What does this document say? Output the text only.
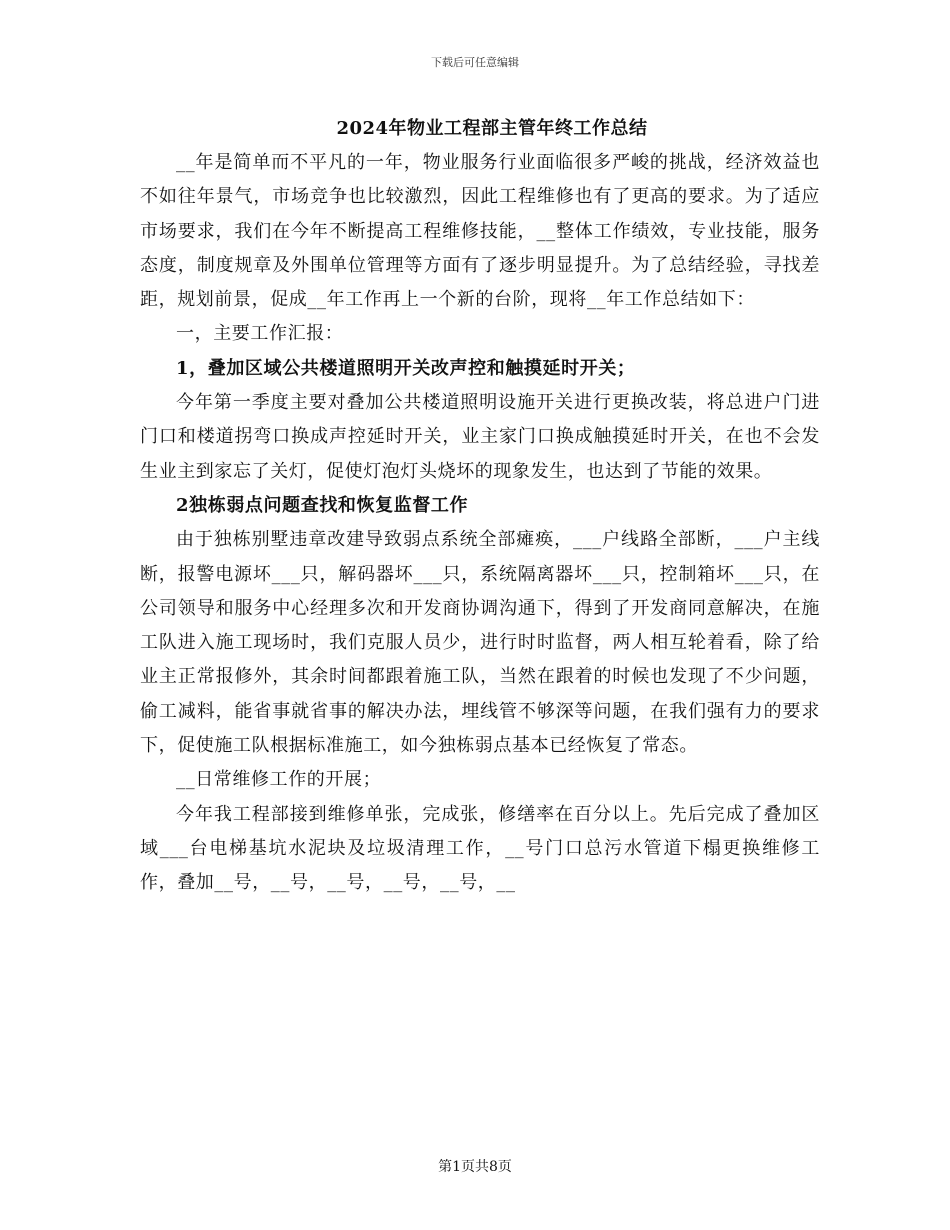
下载后可任意编辑

2024年物业工程部主管年终工作总结

__年是简单而不平凡的一年，物业服务行业面临很多严峻的挑战，经济效益也不如往年景气，市场竞争也比较激烈，因此工程维修也有了更高的要求。为了适应市场要求，我们在今年不断提高工程维修技能，__整体工作绩效，专业技能，服务态度，制度规章及外围单位管理等方面有了逐步明显提升。为了总结经验，寻找差距，规划前景，促成__年工作再上一个新的台阶，现将__年工作总结如下：

一，主要工作汇报：

1，叠加区域公共楼道照明开关改声控和触摸延时开关；

今年第一季度主要对叠加公共楼道照明设施开关进行更换改装，将总进户门进门口和楼道拐弯口换成声控延时开关，业主家门口换成触摸延时开关，在也不会发生业主到家忘了关灯，促使灯泡灯头烧坏的现象发生，也达到了节能的效果。

2独栋弱点问题查找和恢复监督工作

由于独栋别墅违章改建导致弱点系统全部瘫痪，___户线路全部断，___户主线断，报警电源坏___只，解码器坏___只，系统隔离器坏___只，控制箱坏___只，在公司领导和服务中心经理多次和开发商协调沟通下，得到了开发商同意解决，在施工队进入施工现场时，我们克服人员少，进行时时监督，两人相互轮着看，除了给业主正常报修外，其余时间都跟着施工队，当然在跟着的时候也发现了不少问题，偷工减料，能省事就省事的解决办法，埋线管不够深等问题，在我们强有力的要求下，促使施工队根据标准施工，如今独栋弱点基本已经恢复了常态。

__日常维修工作的开展；

今年我工程部接到维修单张，完成张，修缮率在百分以上。先后完成了叠加区域___台电梯基坑水泥块及垃圾清理工作，__号门口总污水管道下榻更换维修工作，叠加__号，__号，__号，__号，__号，__

第1页共8页
